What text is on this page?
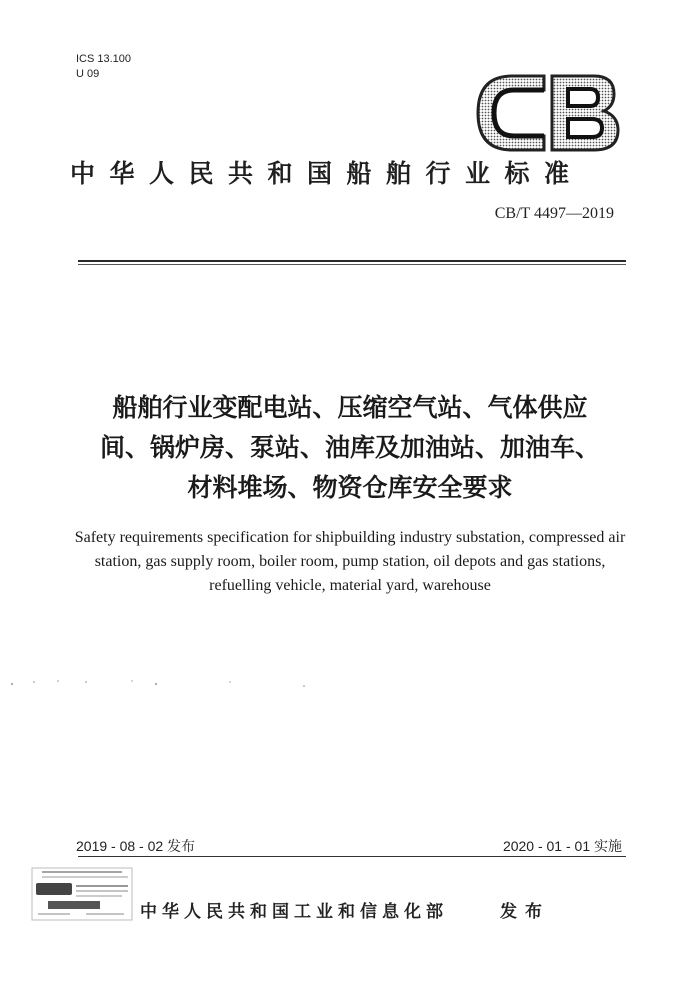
ICS 13.100
U 09
中华人民共和国船舶行业标准
CB/T 4497—2019
船舶行业变配电站、压缩空气站、气体供应
间、锅炉房、泵站、油库及加油站、加油车、
材料堆场、物资仓库安全要求
Safety requirements specification for shipbuilding industry substation, compressed air
station, gas supply room, boiler room, pump station, oil depots and gas stations,
refuelling vehicle, material yard, warehouse
2019 - 08 - 02 发布	2020 - 01 - 01 实施
中华人民共和国工业和信息化部	发布
